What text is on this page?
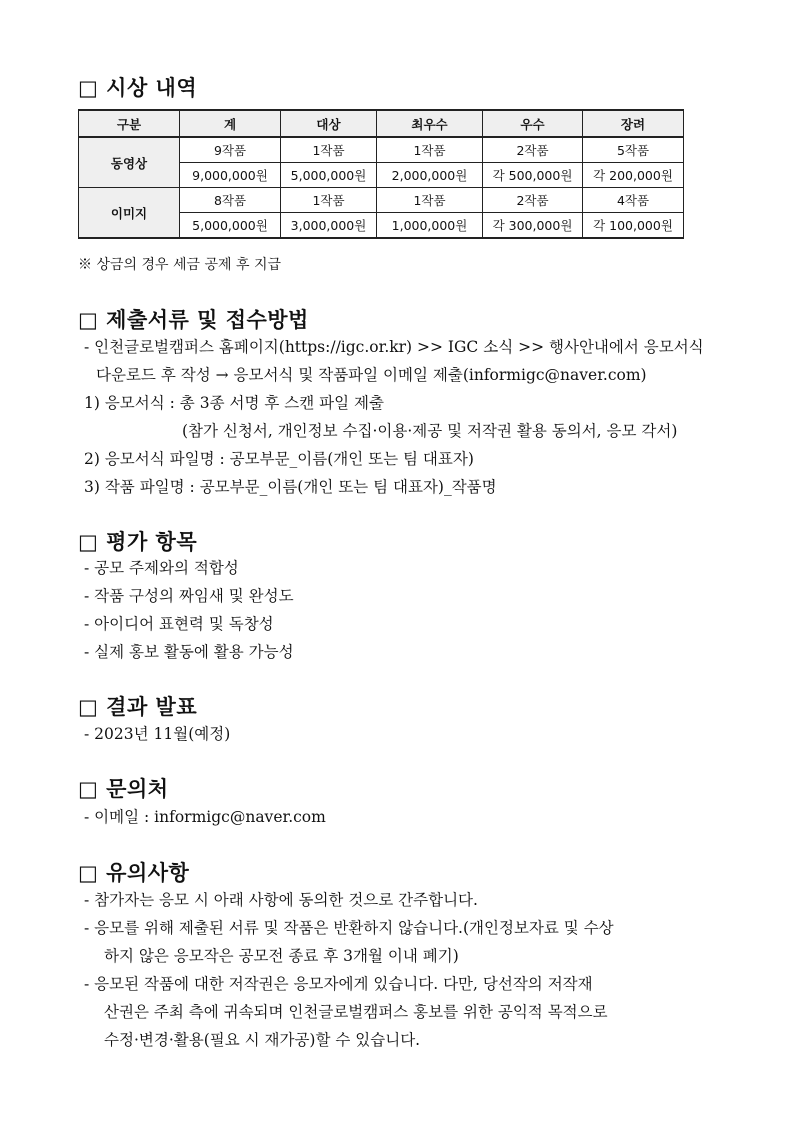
□ 시상 내역
구분	계	대상	최우수	우수	장려
동영상	9작품	1작품	1작품	2작품	5작품
	9,000,000원	5,000,000원	2,000,000원	각 500,000원	각 200,000원
이미지	8작품	1작품	1작품	2작품	4작품
	5,000,000원	3,000,000원	1,000,000원	각 300,000원	각 100,000원
※ 상금의 경우 세금 공제 후 지급
□ 제출서류 및 접수방법
- 인천글로벌캠퍼스 홈페이지(https://igc.or.kr) >> IGC 소식 >> 행사안내에서 응모서식
다운로드 후 작성 → 응모서식 및 작품파일 이메일 제출(informigc@naver.com)
1) 응모서식 : 총 3종 서명 후 스캔 파일 제출
(참가 신청서, 개인정보 수집·이용·제공 및 저작권 활용 동의서, 응모 각서)
2) 응모서식 파일명 : 공모부문_이름(개인 또는 팀 대표자)
3) 작품 파일명 : 공모부문_이름(개인 또는 팀 대표자)_작품명
□ 평가 항목
- 공모 주제와의 적합성
- 작품 구성의 짜임새 및 완성도
- 아이디어 표현력 및 독창성
- 실제 홍보 활동에 활용 가능성
□ 결과 발표
- 2023년 11월(예정)
□ 문의처
- 이메일 : informigc@naver.com
□ 유의사항
- 참가자는 응모 시 아래 사항에 동의한 것으로 간주합니다.
- 응모를 위해 제출된 서류 및 작품은 반환하지 않습니다.(개인정보자료 및 수상
하지 않은 응모작은 공모전 종료 후 3개월 이내 폐기)
- 응모된 작품에 대한 저작권은 응모자에게 있습니다. 다만, 당선작의 저작재
산권은 주최 측에 귀속되며 인천글로벌캠퍼스 홍보를 위한 공익적 목적으로
수정·변경·활용(필요 시 재가공)할 수 있습니다.
